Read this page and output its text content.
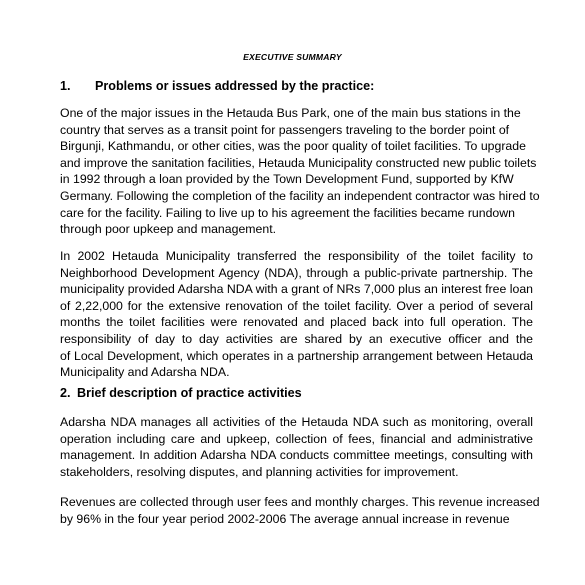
EXECUTIVE SUMMARY
1. Problems or issues addressed by the practice:
One of the major issues in the Hetauda Bus Park, one of the main bus stations in the
country that serves as a transit point for passengers traveling to the border point of
Birgunji, Kathmandu, or other cities, was the poor quality of toilet facilities. To upgrade
and improve the sanitation facilities, Hetauda Municipality constructed new public toilets
in 1992 through a loan provided by the Town Development Fund, supported by KfW
Germany. Following the completion of the facility an independent contractor was hired to
care for the facility. Failing to live up to his agreement the facilities became rundown
through poor upkeep and management.
In 2002 Hetauda Municipality transferred the responsibility of the toilet facility to
Neighborhood Development Agency (NDA), through a public-private partnership. The
municipality provided Adarsha NDA with a grant of NRs 7,000 plus an interest free loan
of 2,22,000 for the extensive renovation of the toilet facility. Over a period of several
months the toilet facilities were renovated and placed back into full operation. The
responsibility of day to day activities are shared by an executive officer and the
of Local Development, which operates in a partnership arrangement between Hetauda
Municipality and Adarsha NDA.
2. Brief description of practice activities
Adarsha NDA manages all activities of the Hetauda NDA such as monitoring, overall
operation including care and upkeep, collection of fees, financial and administrative
management. In addition Adarsha NDA conducts committee meetings, consulting with
stakeholders, resolving disputes, and planning activities for improvement.
Revenues are collected through user fees and monthly charges. This revenue increased
by 96% in the four year period 2002-2006 The average annual increase in revenue
